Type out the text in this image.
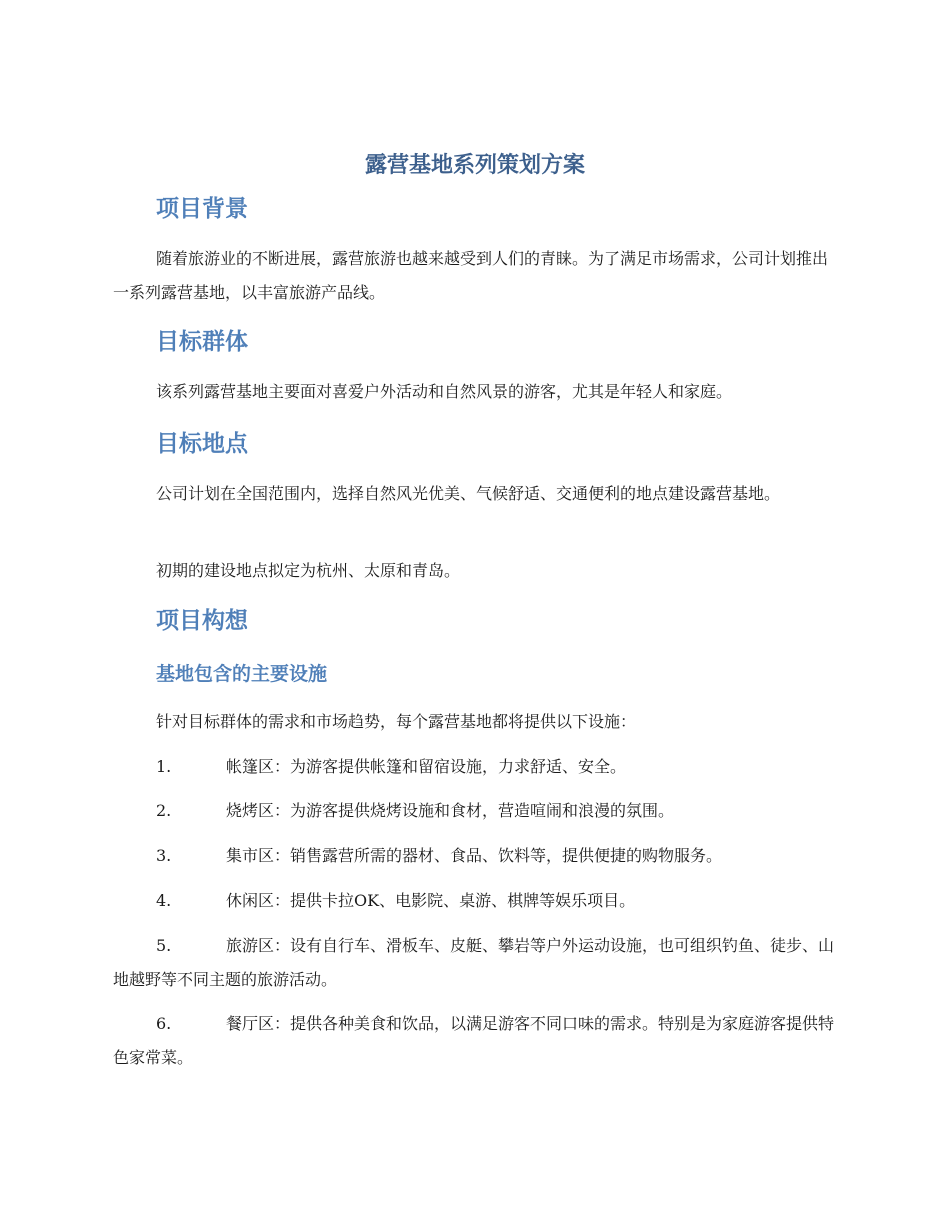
露营基地系列策划方案
项目背景

随着旅游业的不断进展，露营旅游也越来越受到人们的青睐。为了满足市场需求，公司计划推出一系列露营基地，以丰富旅游产品线。

目标群体

该系列露营基地主要面对喜爱户外活动和自然风景的游客，尤其是年轻人和家庭。

目标地点

公司计划在全国范围内，选择自然风光优美、气候舒适、交通便利的地点建设露营基地。

初期的建设地点拟定为杭州、太原和青岛。

项目构想
基地包含的主要设施

针对目标群体的需求和市场趋势，每个露营基地都将提供以下设施：

1.	帐篷区：为游客提供帐篷和留宿设施，力求舒适、安全。

2.	烧烤区：为游客提供烧烤设施和食材，营造喧闹和浪漫的氛围。

3.	集市区：销售露营所需的器材、食品、饮料等，提供便捷的购物服务。

4.	休闲区：提供卡拉OK、电影院、桌游、棋牌等娱乐项目。

5.	旅游区：设有自行车、滑板车、皮艇、攀岩等户外运动设施，也可组织钓鱼、徒步、山地越野等不同主题的旅游活动。

6.	餐厅区：提供各种美食和饮品，以满足游客不同口味的需求。特别是为家庭游客提供特色家常菜。
